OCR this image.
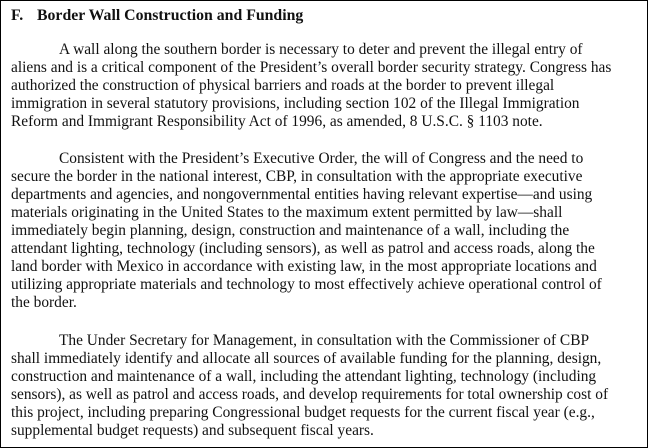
F. Border Wall Construction and Funding
A wall along the southern border is necessary to deter and prevent the illegal entry of
aliens and is a critical component of the President’s overall border security strategy. Congress has
authorized the construction of physical barriers and roads at the border to prevent illegal
immigration in several statutory provisions, including section 102 of the Illegal Immigration
Reform and Immigrant Responsibility Act of 1996, as amended, 8 U.S.C. § 1103 note.
Consistent with the President’s Executive Order, the will of Congress and the need to
secure the border in the national interest, CBP, in consultation with the appropriate executive
departments and agencies, and nongovernmental entities having relevant expertise—and using
materials originating in the United States to the maximum extent permitted by law—shall
immediately begin planning, design, construction and maintenance of a wall, including the
attendant lighting, technology (including sensors), as well as patrol and access roads, along the
land border with Mexico in accordance with existing law, in the most appropriate locations and
utilizing appropriate materials and technology to most effectively achieve operational control of
the border.
The Under Secretary for Management, in consultation with the Commissioner of CBP
shall immediately identify and allocate all sources of available funding for the planning, design,
construction and maintenance of a wall, including the attendant lighting, technology (including
sensors), as well as patrol and access roads, and develop requirements for total ownership cost of
this project, including preparing Congressional budget requests for the current fiscal year (e.g.,
supplemental budget requests) and subsequent fiscal years.
